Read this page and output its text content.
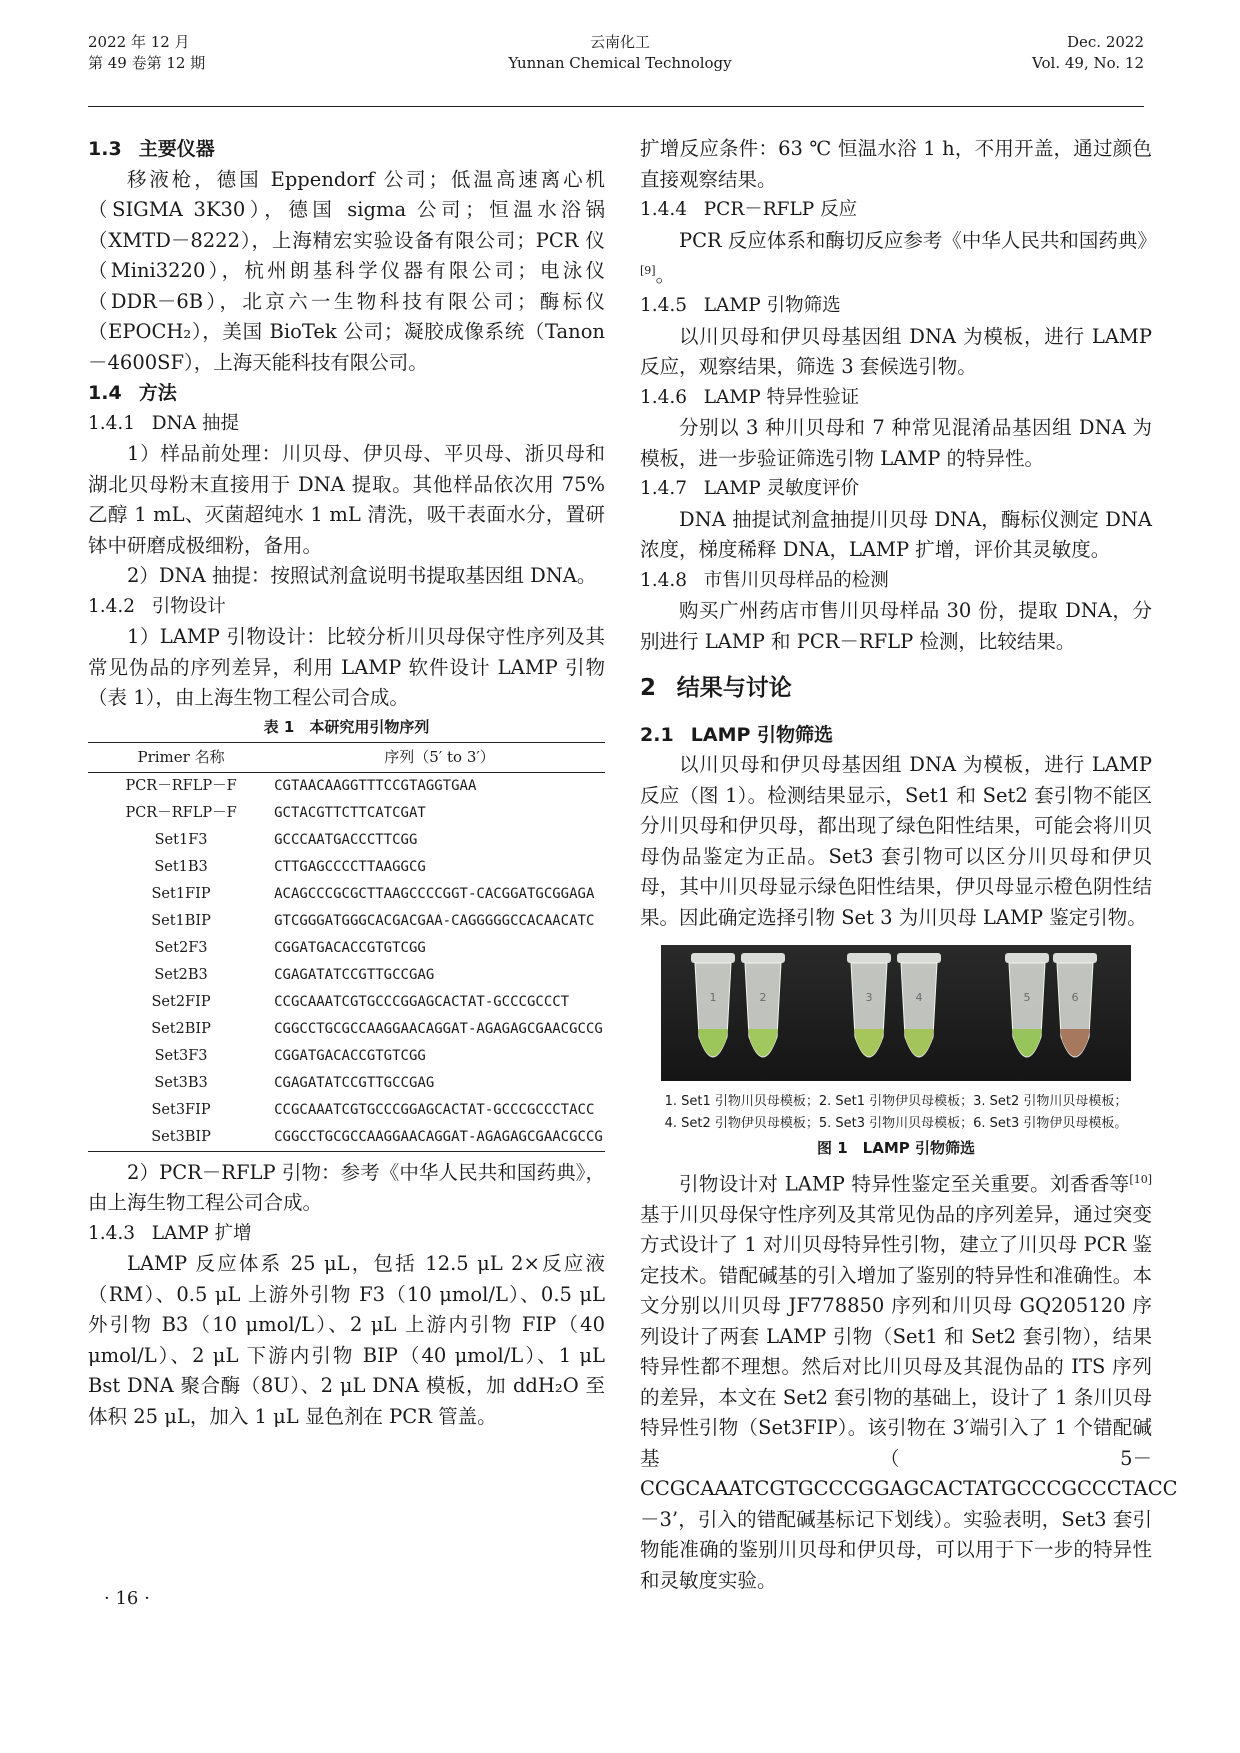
2022 年 12 月
第 49 卷第 12 期
云南化工
Yunnan Chemical Technology
Dec. 2022
Vol. 49, No. 12

1.3 主要仪器

移液枪，德国 Eppendorf 公司；低温高速离心机（SIGMA 3K30），德国 sigma 公司；恒温水浴锅（XMTD－8222），上海精宏实验设备有限公司；PCR 仪（Mini3220），杭州朗基科学仪器有限公司；电泳仪（DDR－6B），北京六一生物科技有限公司；酶标仪（EPOCH₂），美国 BioTek 公司；凝胶成像系统（Tanon－4600SF），上海天能科技有限公司。

1.4 方法

1.4.1 DNA 抽提

1）样品前处理：川贝母、伊贝母、平贝母、浙贝母和湖北贝母粉末直接用于 DNA 提取。其他样品依次用 75% 乙醇 1 mL、灭菌超纯水 1 mL 清洗，吸干表面水分，置研钵中研磨成极细粉，备用。

2）DNA 抽提：按照试剂盒说明书提取基因组 DNA。

1.4.2 引物设计

1）LAMP 引物设计：比较分析川贝母保守性序列及其常见伪品的序列差异，利用 LAMP 软件设计 LAMP 引物（表 1），由上海生物工程公司合成。

表 1　本研究用引物序列

Primer 名称	序列（5′ to 3′）
PCR－RFLP－F	CGTAACAAGGTTTCCGTAGGTGAA
PCR－RFLP－F	GCTACGTTCTTCATCGAT
Set1F3	GCCCAATGACCCTTCGG
Set1B3	CTTGAGCCCCTTAAGGCG
Set1FIP	ACAGCCCGCGCTTAAGCCCCGGT-CACGGATGCGGAGA
Set1BIP	GTCGGGATGGGCACGACGAA-CAGGGGGCCACAACATC
Set2F3	CGGATGACACCGTGTCGG
Set2B3	CGAGATATCCGTTGCCGAG
Set2FIP	CCGCAAATCGTGCCCGGAGCACTAT-GCCCGCCCT
Set2BIP	CGGCCTGCGCCAAGGAACAGGAT-AGAGAGCGAACGCCG
Set3F3	CGGATGACACCGTGTCGG
Set3B3	CGAGATATCCGTTGCCGAG
Set3FIP	CCGCAAATCGTGCCCGGAGCACTAT-GCCCGCCCTACC
Set3BIP	CGGCCTGCGCCAAGGAACAGGAT-AGAGAGCGAACGCCG

2）PCR－RFLP 引物：参考《中华人民共和国药典》，由上海生物工程公司合成。

1.4.3 LAMP 扩增

LAMP 反应体系 25 μL，包括 12.5 μL 2×反应液（RM）、0.5 μL 上游外引物 F3（10 μmol/L）、0.5 μL 外引物 B3（10 μmol/L）、2 μL 上游内引物 FIP（40 μmol/L）、2 μL 下游内引物 BIP（40 μmol/L）、1 μL Bst DNA 聚合酶（8U）、2 μL DNA 模板，加 ddH₂O 至体积 25 μL，加入 1 μL 显色剂在 PCR 管盖。

扩增反应条件：63 ℃ 恒温水浴 1 h，不用开盖，通过颜色直接观察结果。

1.4.4 PCR－RFLP 反应

PCR 反应体系和酶切反应参考《中华人民共和国药典》[9]。

1.4.5 LAMP 引物筛选

以川贝母和伊贝母基因组 DNA 为模板，进行 LAMP 反应，观察结果，筛选 3 套候选引物。

1.4.6 LAMP 特异性验证

分别以 3 种川贝母和 7 种常见混淆品基因组 DNA 为模板，进一步验证筛选引物 LAMP 的特异性。

1.4.7 LAMP 灵敏度评价

DNA 抽提试剂盒抽提川贝母 DNA，酶标仪测定 DNA 浓度，梯度稀释 DNA，LAMP 扩增，评价其灵敏度。

1.4.8 市售川贝母样品的检测

购买广州药店市售川贝母样品 30 份，提取 DNA，分别进行 LAMP 和 PCR－RFLP 检测，比较结果。

2 结果与讨论

2.1 LAMP 引物筛选

以川贝母和伊贝母基因组 DNA 为模板，进行 LAMP 反应（图 1）。检测结果显示，Set1 和 Set2 套引物不能区分川贝母和伊贝母，都出现了绿色阳性结果，可能会将川贝母伪品鉴定为正品。Set3 套引物可以区分川贝母和伊贝母，其中川贝母显示绿色阳性结果，伊贝母显示橙色阴性结果。因此确定选择引物 Set 3 为川贝母 LAMP 鉴定引物。

1	2	3	4	5	6

1. Set1 引物川贝母模板；2. Set1 引物伊贝母模板；3. Set2 引物川贝母模板；

4. Set2 引物伊贝母模板；5. Set3 引物川贝母模板；6. Set3 引物伊贝母模板。

图 1　LAMP 引物筛选

引物设计对 LAMP 特异性鉴定至关重要。刘香香等[10]基于川贝母保守性序列及其常见伪品的序列差异，通过突变方式设计了 1 对川贝母特异性引物，建立了川贝母 PCR 鉴定技术。错配碱基的引入增加了鉴别的特异性和准确性。本文分别以川贝母 JF778850 序列和川贝母 GQ205120 序列设计了两套 LAMP 引物（Set1 和 Set2 套引物），结果特异性都不理想。然后对比川贝母及其混伪品的 ITS 序列的差异，本文在 Set2 套引物的基础上，设计了 1 条川贝母特异性引物（Set3FIP）。该引物在 3′端引入了 1 个错配碱基（5－CCGCAAATCGTGCCCGGAGCACTATGCCCGCCCTACC－3’，引入的错配碱基标记下划线）。实验表明，Set3 套引物能准确的鉴别川贝母和伊贝母，可以用于下一步的特异性和灵敏度实验。

· 16 ·
